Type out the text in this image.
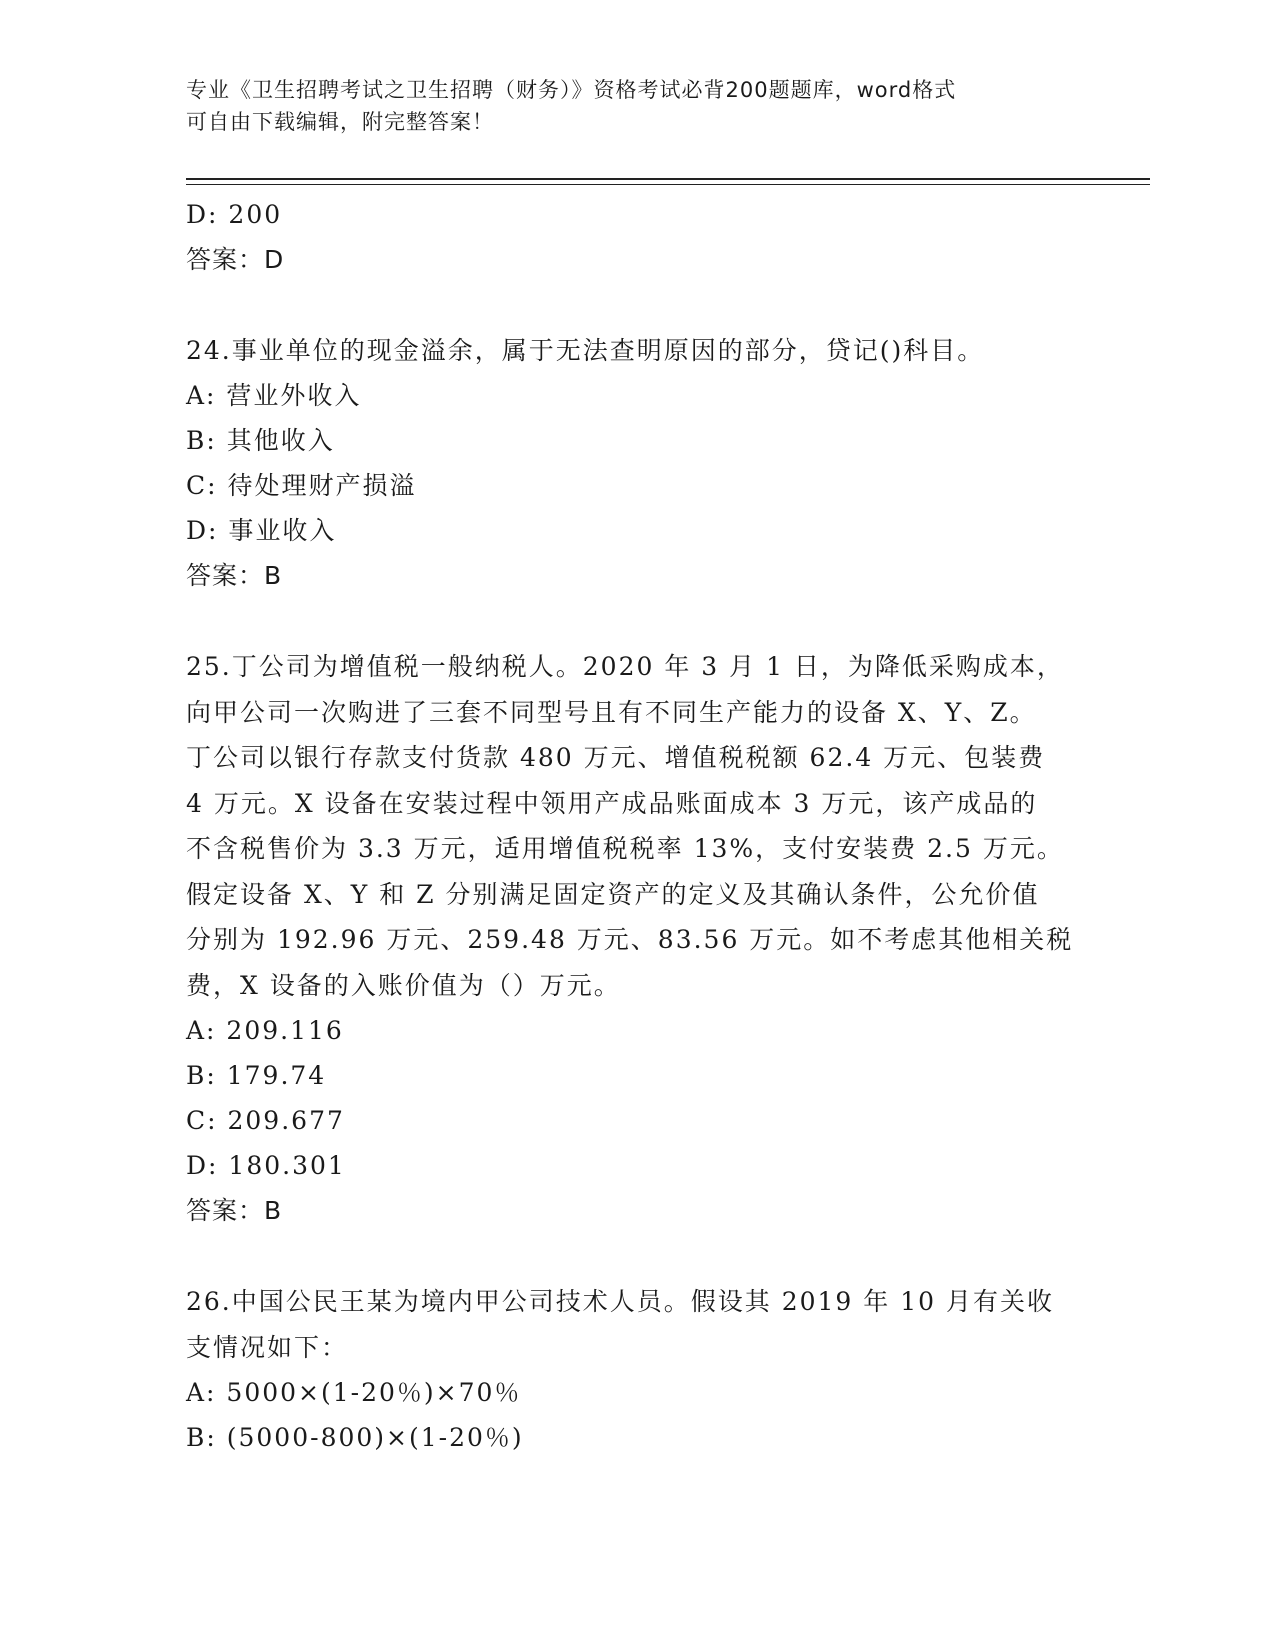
专业《卫生招聘考试之卫生招聘（财务）》资格考试必背200题题库，word格式
可自由下载编辑，附完整答案！
D: 200
答案：D
24.事业单位的现金溢余，属于无法查明原因的部分，贷记()科目。
A: 营业外收入
B: 其他收入
C: 待处理财产损溢
D: 事业收入
答案：B
25.丁公司为增值税一般纳税人。2020 年 3 月 1 日，为降低采购成本，
向甲公司一次购进了三套不同型号且有不同生产能力的设备 X、Y、Z。
丁公司以银行存款支付货款 480 万元、增值税税额 62.4 万元、包装费
4 万元。X 设备在安装过程中领用产成品账面成本 3 万元，该产成品的
不含税售价为 3.3 万元，适用增值税税率 13%，支付安装费 2.5 万元。
假定设备 X、Y 和 Z 分别满足固定资产的定义及其确认条件，公允价值
分别为 192.96 万元、259.48 万元、83.56 万元。如不考虑其他相关税
费，X 设备的入账价值为（）万元。
A: 209.116
B: 179.74
C: 209.677
D: 180.301
答案：B
26.中国公民王某为境内甲公司技术人员。假设其 2019 年 10 月有关收
支情况如下：
A: 5000×(1-20％)×70％
B: (5000-800)×(1-20％)
